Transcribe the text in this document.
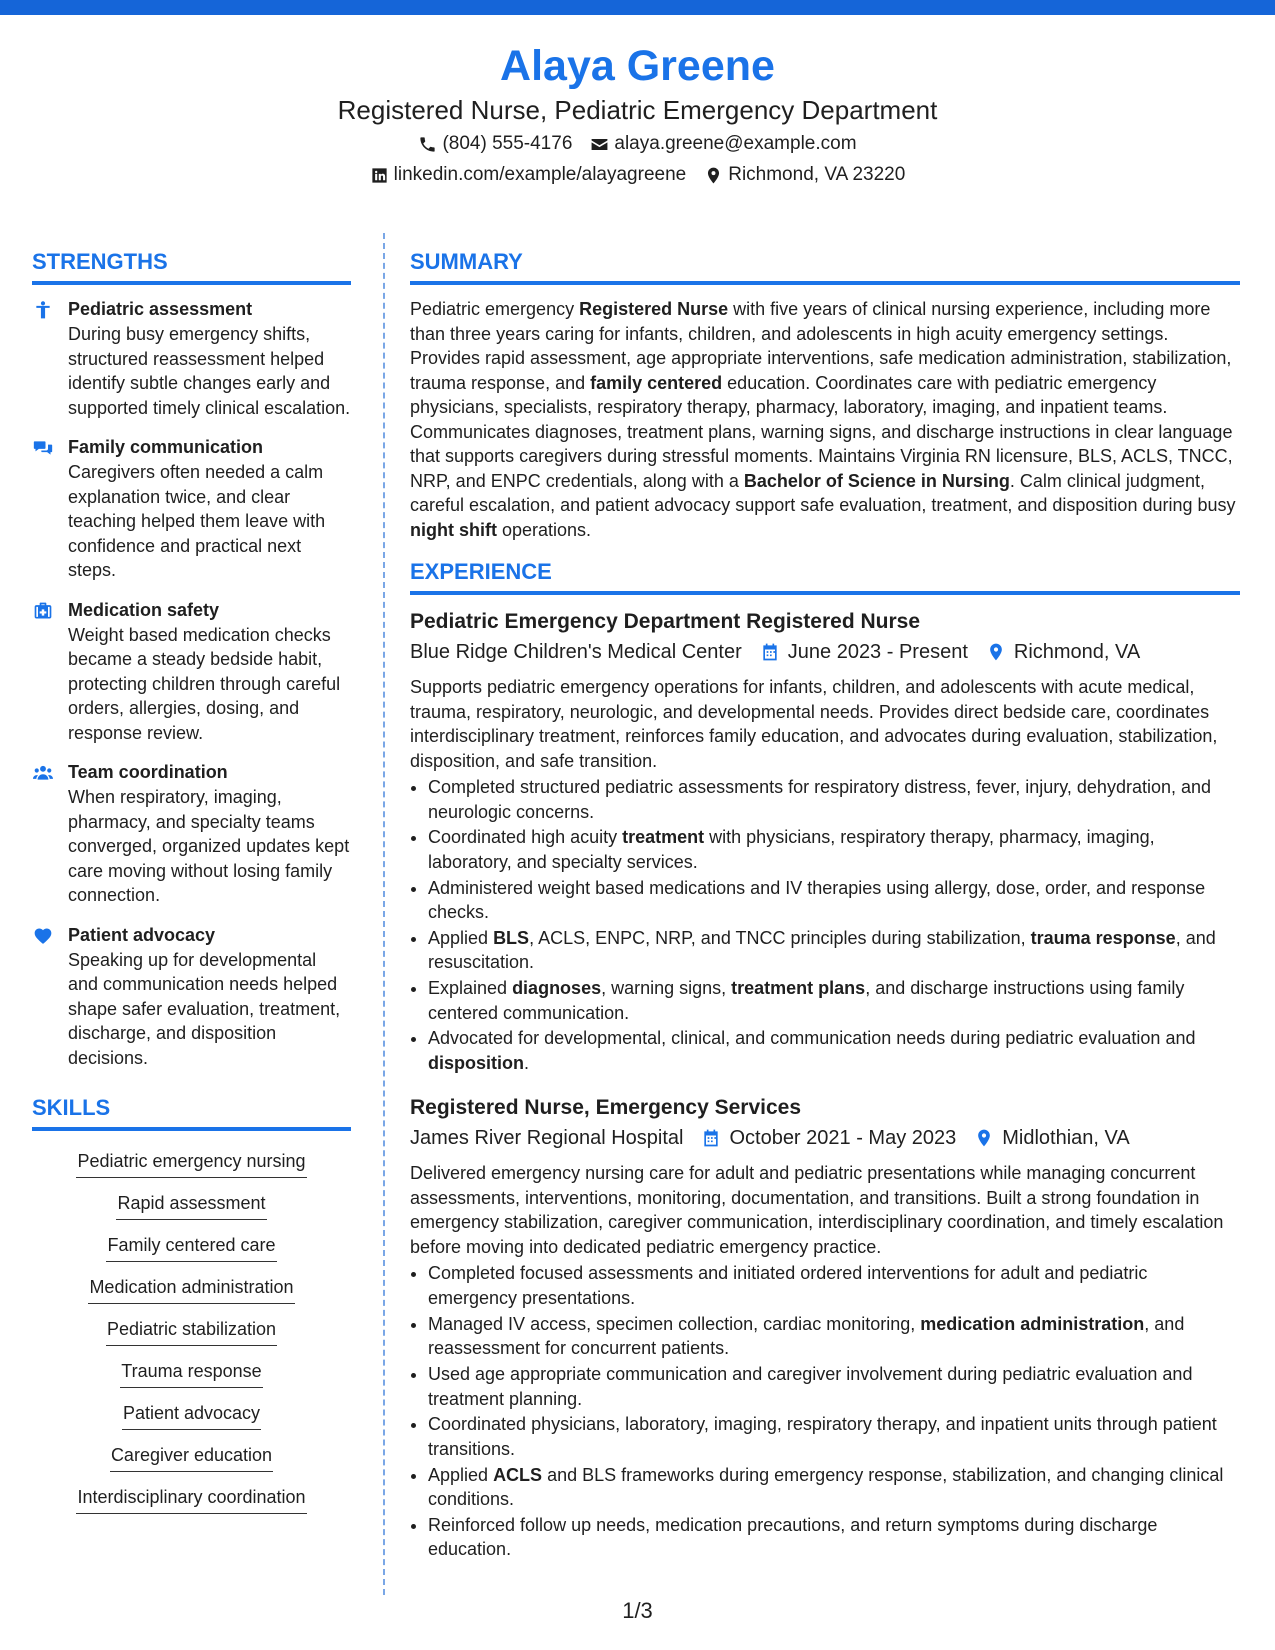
Alaya Greene
Registered Nurse, Pediatric Emergency Department
(804) 555-4176 alaya.greene@example.com
linkedin.com/example/alayagreene Richmond, VA 23220
STRENGTHS
Pediatric assessment
During busy emergency shifts, structured reassessment helped identify subtle changes early and supported timely clinical escalation.
Family communication
Caregivers often needed a calm explanation twice, and clear teaching helped them leave with confidence and practical next steps.
Medication safety
Weight based medication checks became a steady bedside habit, protecting children through careful orders, allergies, dosing, and response review.
Team coordination
When respiratory, imaging, pharmacy, and specialty teams converged, organized updates kept care moving without losing family connection.
Patient advocacy
Speaking up for developmental and communication needs helped shape safer evaluation, treatment, discharge, and disposition decisions.
SKILLS
Pediatric emergency nursing
Rapid assessment
Family centered care
Medication administration
Pediatric stabilization
Trauma response
Patient advocacy
Caregiver education
Interdisciplinary coordination
SUMMARY

Pediatric emergency Registered Nurse with five years of clinical nursing experience, including more than three years caring for infants, children, and adolescents in high acuity emergency settings. Provides rapid assessment, age appropriate interventions, safe medication administration, stabilization, trauma response, and family centered education. Coordinates care with pediatric emergency physicians, specialists, respiratory therapy, pharmacy, laboratory, imaging, and inpatient teams. Communicates diagnoses, treatment plans, warning signs, and discharge instructions in clear language that supports caregivers during stressful moments. Maintains Virginia RN licensure, BLS, ACLS, TNCC, NRP, and ENPC credentials, along with a Bachelor of Science in Nursing. Calm clinical judgment, careful escalation, and patient advocacy support safe evaluation, treatment, and disposition during busy night shift operations.

EXPERIENCE
Pediatric Emergency Department Registered Nurse
Blue Ridge Children's Medical Center June 2023 - Present Richmond, VA

Supports pediatric emergency operations for infants, children, and adolescents with acute medical, trauma, respiratory, neurologic, and developmental needs. Provides direct bedside care, coordinates interdisciplinary treatment, reinforces family education, and advocates during evaluation, stabilization, disposition, and safe transition.

• Completed structured pediatric assessments for respiratory distress, fever, injury, dehydration, and neurologic concerns.
• Coordinated high acuity treatment with physicians, respiratory therapy, pharmacy, imaging, laboratory, and specialty services.
• Administered weight based medications and IV therapies using allergy, dose, order, and response checks.
• Applied BLS, ACLS, ENPC, NRP, and TNCC principles during stabilization, trauma response, and resuscitation.
• Explained diagnoses, warning signs, treatment plans, and discharge instructions using family centered communication.
• Advocated for developmental, clinical, and communication needs during pediatric evaluation and disposition.
Registered Nurse, Emergency Services
James River Regional Hospital October 2021 - May 2023 Midlothian, VA

Delivered emergency nursing care for adult and pediatric presentations while managing concurrent assessments, interventions, monitoring, documentation, and transitions. Built a strong foundation in emergency stabilization, caregiver communication, interdisciplinary coordination, and timely escalation before moving into dedicated pediatric emergency practice.

• Completed focused assessments and initiated ordered interventions for adult and pediatric emergency presentations.
• Managed IV access, specimen collection, cardiac monitoring, medication administration, and reassessment for concurrent patients.
• Used age appropriate communication and caregiver involvement during pediatric evaluation and treatment planning.
• Coordinated physicians, laboratory, imaging, respiratory therapy, and inpatient units through patient transitions.
• Applied ACLS and BLS frameworks during emergency response, stabilization, and changing clinical conditions.
• Reinforced follow up needs, medication precautions, and return symptoms during discharge education.
1/3
